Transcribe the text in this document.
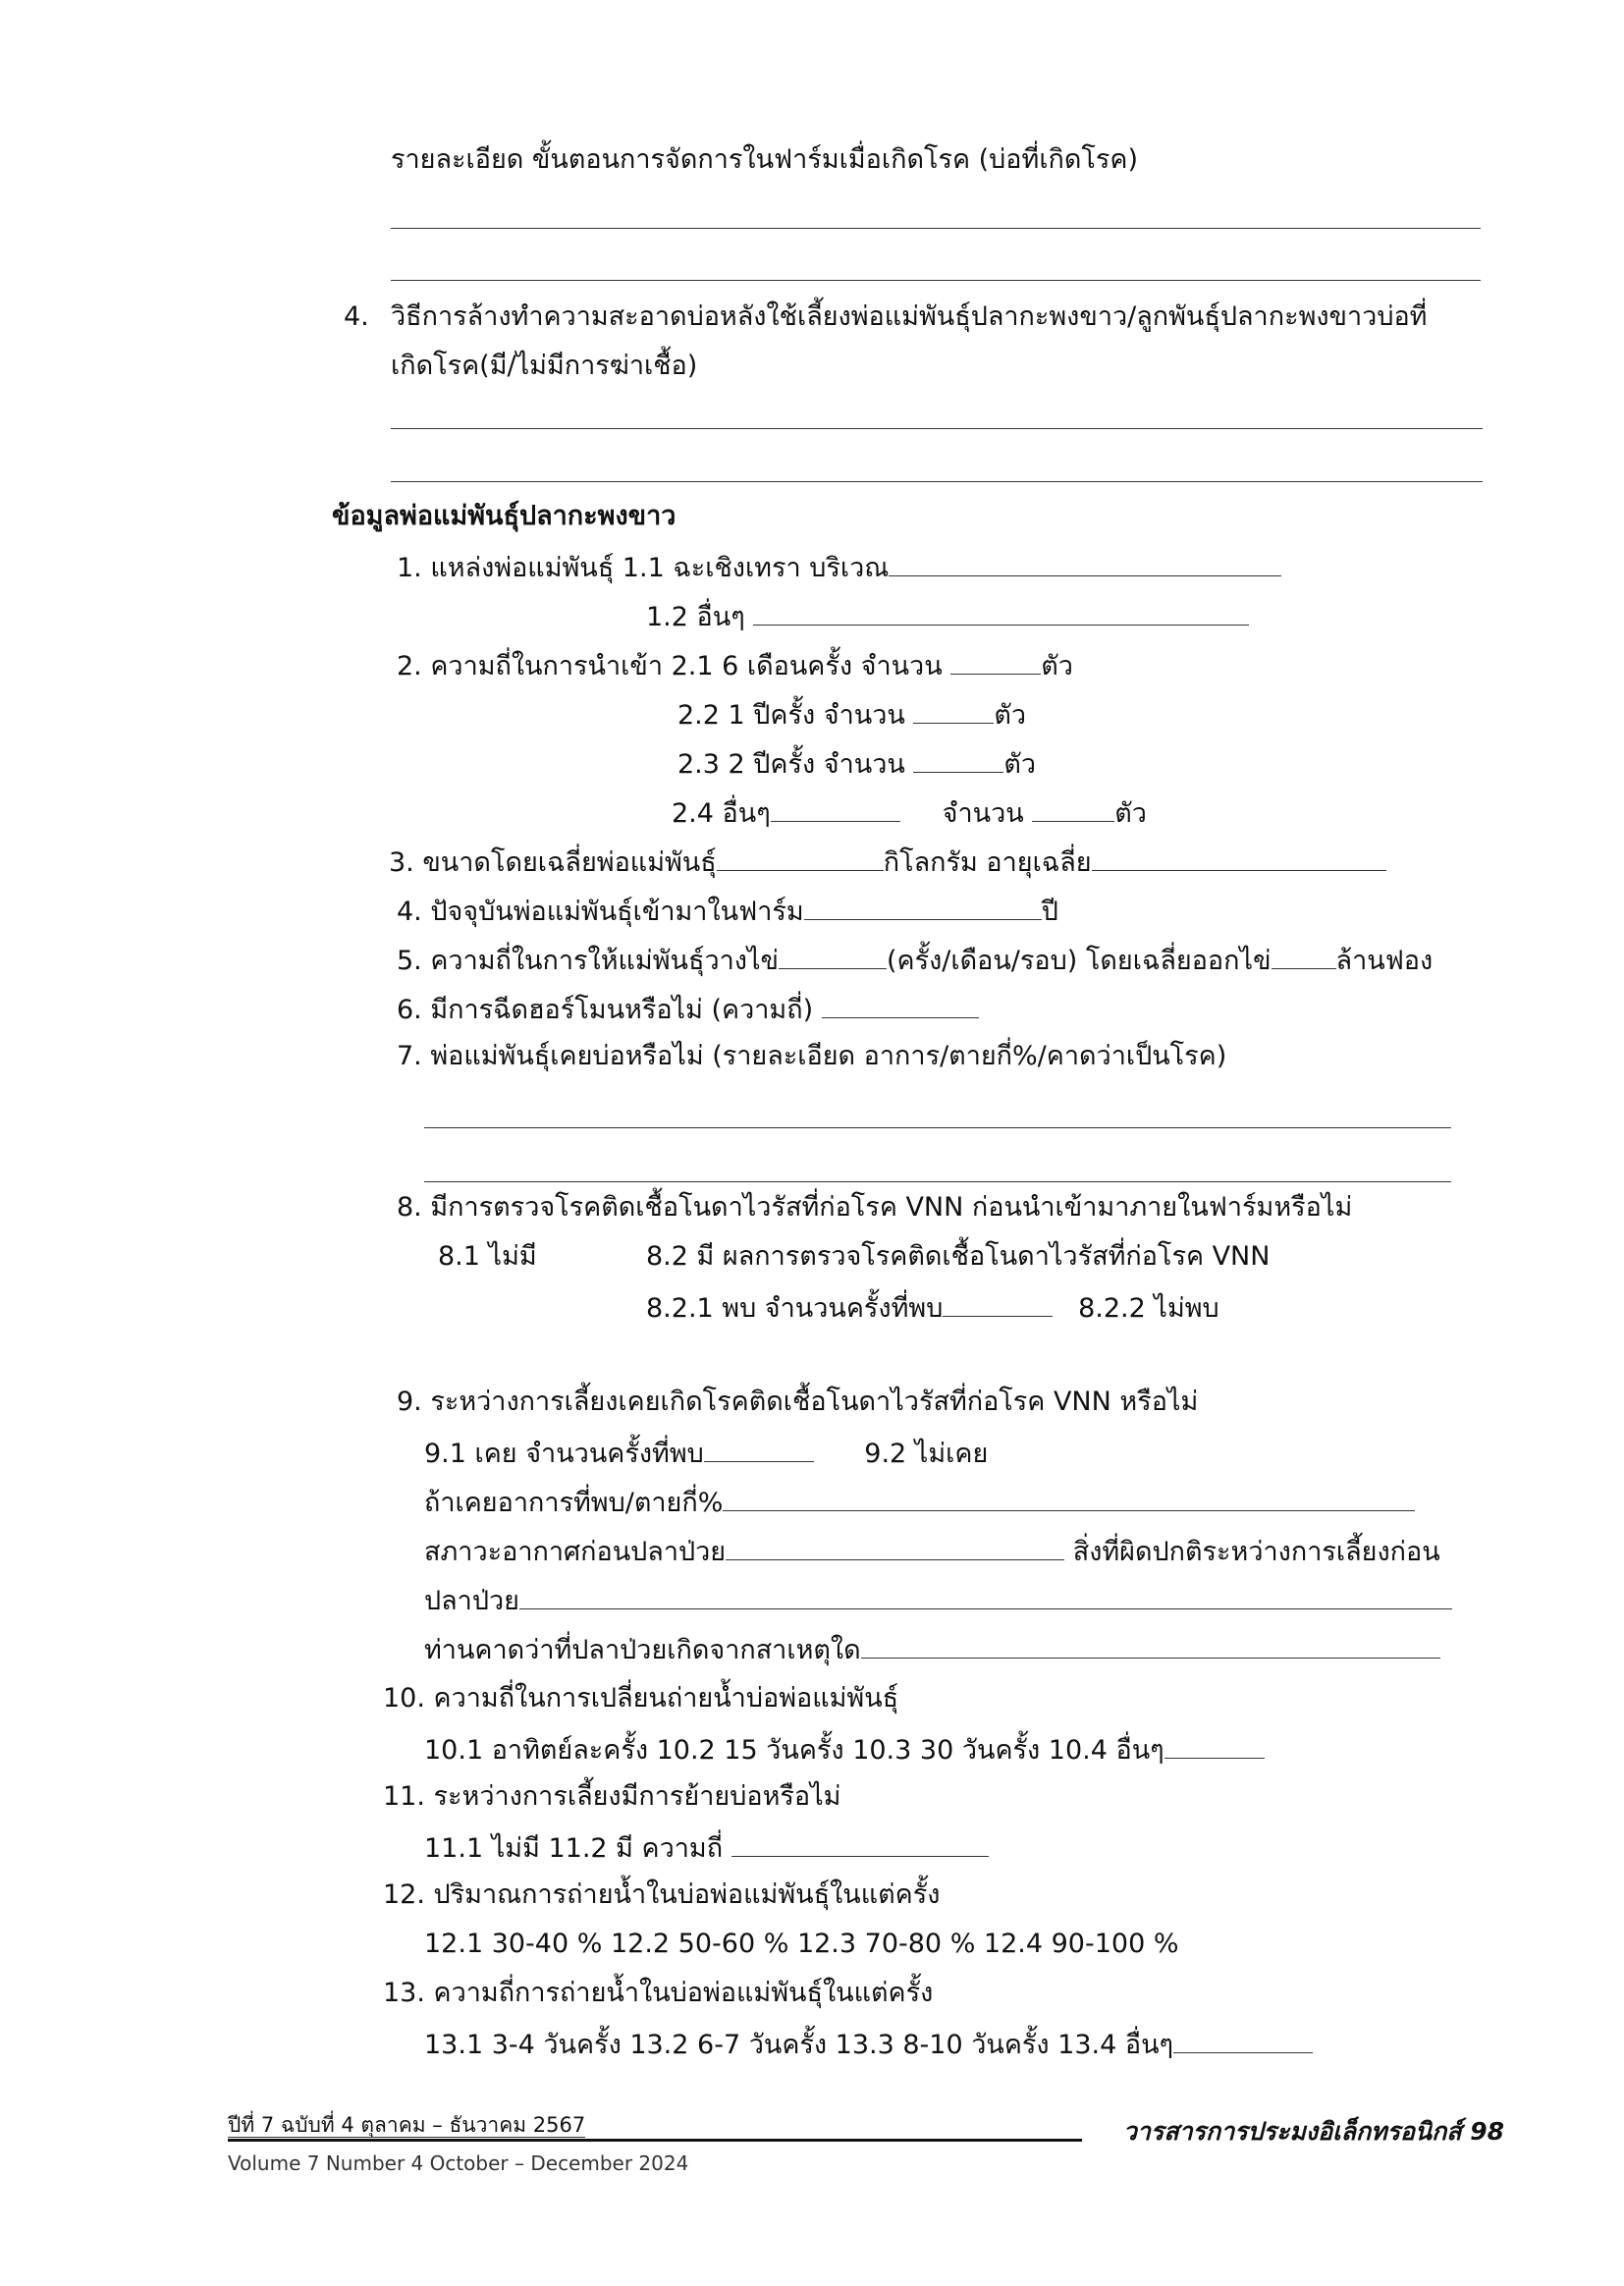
รายละเอียด ขั้นตอนการจัดการในฟาร์มเมื่อเกิดโรค (บ่อที่เกิดโรค)
4. วิธีการล้างทำความสะอาดบ่อหลังใช้เลี้ยงพ่อแม่พันธุ์ปลากะพงขาว/ลูกพันธุ์ปลากะพงขาวบ่อที่
เกิดโรค(มี/ไม่มีการฆ่าเชื้อ)
ข้อมูลพ่อแม่พันธุ์ปลากะพงขาว
1. แหล่งพ่อแม่พันธุ์ 1.1 ฉะเชิงเทรา บริเวณ
1.2 อื่นๆ
2. ความถี่ในการนำเข้า 2.1 6 เดือนครั้ง จำนวน	ตัว
2.2 1 ปีครั้ง จำนวน	ตัว
2.3 2 ปีครั้ง จำนวน	ตัว
2.4 อื่นๆ	จำนวน	ตัว
3. ขนาดโดยเฉลี่ยพ่อแม่พันธุ์	กิโลกรัม อายุเฉลี่ย
4. ปัจจุบันพ่อแม่พันธุ์เข้ามาในฟาร์ม	ปี
5. ความถี่ในการให้แม่พันธุ์วางไข่	(ครั้ง/เดือน/รอบ) โดยเฉลี่ยออกไข่ ล้านฟอง
6. มีการฉีดฮอร์โมนหรือไม่ (ความถี่)
7. พ่อแม่พันธุ์เคยบ่อหรือไม่ (รายละเอียด อาการ/ตายกี่%/คาดว่าเป็นโรค)
8. มีการตรวจโรคติดเชื้อโนดาไวรัสที่ก่อโรค VNN ก่อนนำเข้ามาภายในฟาร์มหรือไม่
8.1 ไม่มี	8.2 มี ผลการตรวจโรคติดเชื้อโนดาไวรัสที่ก่อโรค VNN
8.2.1 พบ จำนวนครั้งที่พบ	8.2.2 ไม่พบ
9. ระหว่างการเลี้ยงเคยเกิดโรคติดเชื้อโนดาไวรัสที่ก่อโรค VNN หรือไม่
9.1 เคย จำนวนครั้งที่พบ	9.2 ไม่เคย
ถ้าเคยอาการที่พบ/ตายกี่%
สภาวะอากาศก่อนปลาป่วย	สิ่งที่ผิดปกติระหว่างการเลี้ยงก่อน
ปลาป่วย
ท่านคาดว่าที่ปลาป่วยเกิดจากสาเหตุใด
10. ความถี่ในการเปลี่ยนถ่ายน้ำบ่อพ่อแม่พันธุ์
10.1 อาทิตย์ละครั้ง 10.2 15 วันครั้ง 10.3 30 วันครั้ง 10.4 อื่นๆ
11. ระหว่างการเลี้ยงมีการย้ายบ่อหรือไม่
11.1 ไม่มี 11.2 มี ความถี่
12. ปริมาณการถ่ายน้ำในบ่อพ่อแม่พันธุ์ในแต่ครั้ง
12.1 30-40 % 12.2 50-60 % 12.3 70-80 % 12.4 90-100 %
13. ความถี่การถ่ายน้ำในบ่อพ่อแม่พันธุ์ในแต่ครั้ง
13.1 3-4 วันครั้ง 13.2 6-7 วันครั้ง 13.3 8-10 วันครั้ง 13.4 อื่นๆ
ปีที่ 7 ฉบับที่ 4 ตุลาคม – ธันวาคม 2567	วารสารการประมงอิเล็กทรอนิกส์ 98
Volume 7 Number 4 October – December 2024
